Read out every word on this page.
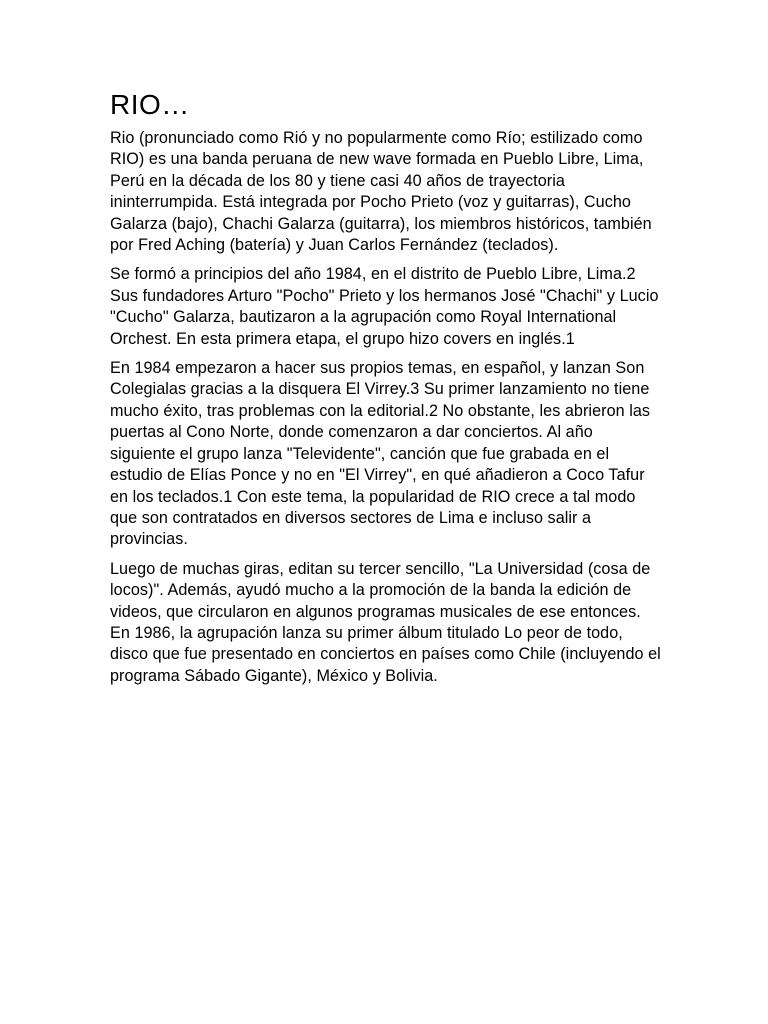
RIO…

Rio (pronunciado como Rió y no popularmente como Río; estilizado como RIO) es una banda peruana de new wave formada en Pueblo Libre, Lima, Perú en la década de los 80 y tiene casi 40 años de trayectoria ininterrumpida. Está integrada por Pocho Prieto (voz y guitarras), Cucho Galarza (bajo), Chachi Galarza (guitarra), los miembros históricos, también por Fred Aching (batería) y Juan Carlos Fernández (teclados).

Se formó a principios del año 1984, en el distrito de Pueblo Libre, Lima.2 Sus fundadores Arturo "Pocho" Prieto y los hermanos José "Chachi" y Lucio "Cucho" Galarza, bautizaron a la agrupación como Royal International Orchest. En esta primera etapa, el grupo hizo covers en inglés.1

En 1984 empezaron a hacer sus propios temas, en español, y lanzan Son Colegialas gracias a la disquera El Virrey.3 Su primer lanzamiento no tiene mucho éxito, tras problemas con la editorial.2 No obstante, les abrieron las puertas al Cono Norte, donde comenzaron a dar conciertos. Al año siguiente el grupo lanza "Televidente", canción que fue grabada en el estudio de Elías Ponce y no en "El Virrey", en qué añadieron a Coco Tafur en los teclados.1 Con este tema, la popularidad de RIO crece a tal modo que son contratados en diversos sectores de Lima e incluso salir a provincias.

Luego de muchas giras, editan su tercer sencillo, "La Universidad (cosa de locos)". Además, ayudó mucho a la promoción de la banda la edición de videos, que circularon en algunos programas musicales de ese entonces. En 1986, la agrupación lanza su primer álbum titulado Lo peor de todo, disco que fue presentado en conciertos en países como Chile (incluyendo el programa Sábado Gigante), México y Bolivia.
